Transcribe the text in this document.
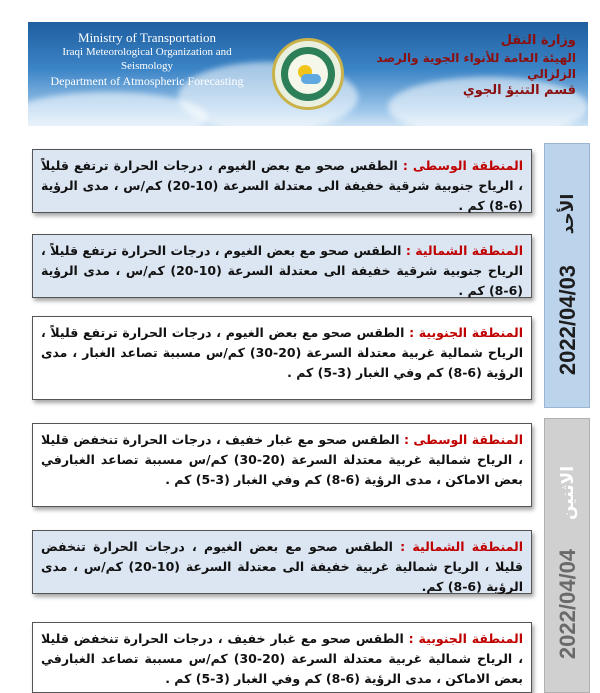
Ministry of Transportation
Iraqi Meteorological Organization and Seismology
Department of Atmospheric Forecasting
وزارة النقل
الهيئة العامة للأنواء الجوية والرصد الزلزالي
قسم التنبؤ الجوي
2022/04/03
الأحد
المنطقة الوسطى : الطقس صحو مع بعض الغيوم ، درجات الحرارة ترتفع قليلاً ، الرياح جنوبية شرقية خفيفة الى معتدلة السرعة (10-20) كم/س ، مدى الرؤية (6-8) كم .
المنطقة الشمالية : الطقس صحو مع بعض الغيوم ، درجات الحرارة ترتفع قليلاً ، الرياح جنوبية شرقية خفيفة الى معتدلة السرعة (10-20) كم/س ، مدى الرؤية (6-8) كم .
المنطقة الجنوبية : الطقس صحو مع بعض الغيوم ، درجات الحرارة ترتفع قليلاً ، الرياح شمالية غربية معتدلة السرعة (20-30) كم/س مسببة تصاعد الغبار ، مدى الرؤية (6-8) كم وفي الغبار (3-5) كم .
2022/04/04
الاثنين
المنطقة الوسطى : الطقس صحو مع غبار خفيف ، درجات الحرارة تنخفض قليلا ، الرياح شمالية غربية معتدلة السرعة (20-30) كم/س مسببة تصاعد الغبارفي بعض الاماكن ، مدى الرؤية (6-8) كم وفي الغبار (3-5) كم .
المنطقة الشمالية : الطقس صحو مع بعض الغيوم ، درجات الحرارة تنخفض قليلا ، الرياح شمالية غربية خفيفة الى معتدلة السرعة (10-20) كم/س ، مدى الرؤية (6-8) كم.
المنطقة الجنوبية : الطقس صحو مع غبار خفيف ، درجات الحرارة تنخفض قليلا ، الرياح شمالية غربية معتدلة السرعة (20-30) كم/س مسببة تصاعد الغبارفي بعض الاماكن ، مدى الرؤية (6-8) كم وفي الغبار (3-5) كم .
